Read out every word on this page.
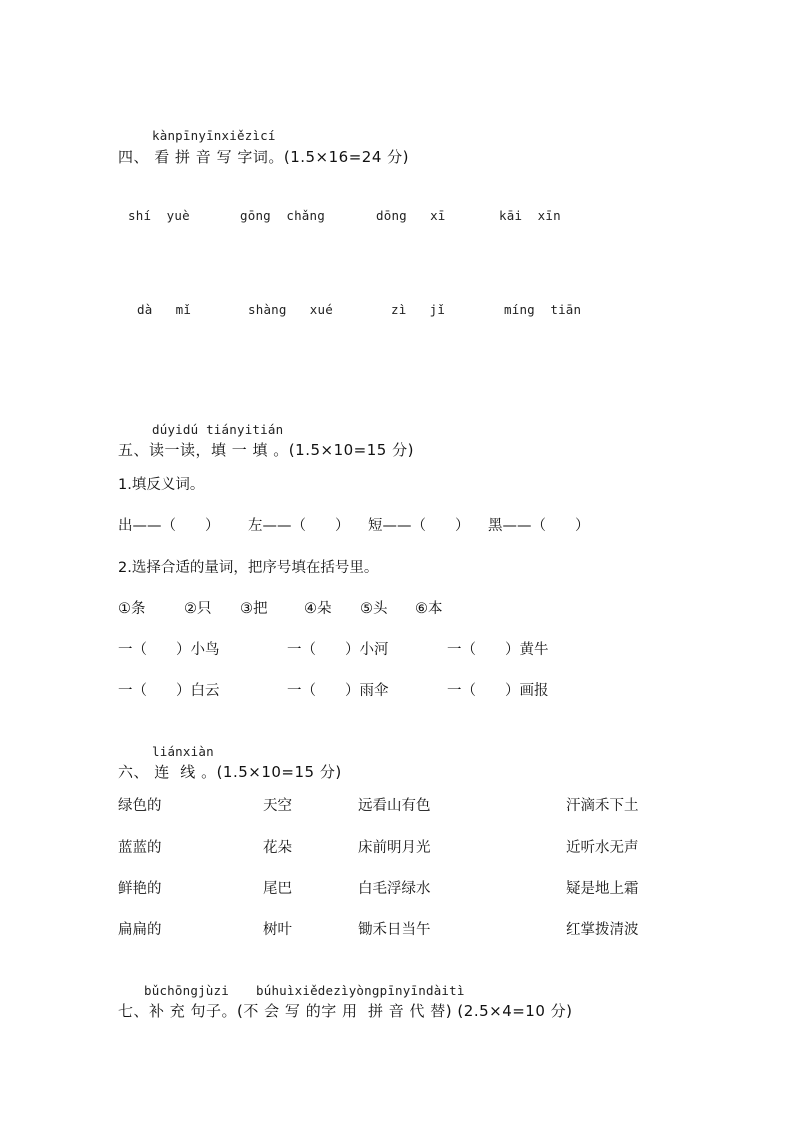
kànpīnyīnxiězìcí
四、 看 拼 音 写 字词。(1.5×16=24 分)
shí  yuè	gōng  chǎng	dōng   xī	kāi  xīn
dà   mǐ	shàng   xué	zì   jǐ	míng  tiān
dúyidú tiányitián
五、读一读，填 一 填 。(1.5×10=15 分)
1.填反义词。
出——（　　） 左——（　　） 短——（　　） 黑——（　　）
2.选择合适的量词，把序号填在括号里。
①条	②只 ③把	④朵 ⑤头 ⑥本
一（　　）小鸟	一（　　）小河	一（　　）黄牛
一（　　）白云	一（　　）雨伞	一（　　）画报
liánxiàn
六、 连  线 。(1.5×10=15 分)
绿色的	天空	远看山有色	汗滴禾下土
蓝蓝的	花朵	床前明月光	近听水无声
鲜艳的	尾巴	白毛浮绿水	疑是地上霜
扁扁的	树叶	锄禾日当午	红掌拨清波
bǔchōngjùzi búhuìxiědezìyòngpīnyīndàitì
七、补 充 句子。(不 会 写 的字 用  拼 音 代 替) (2.5×4=10 分)
